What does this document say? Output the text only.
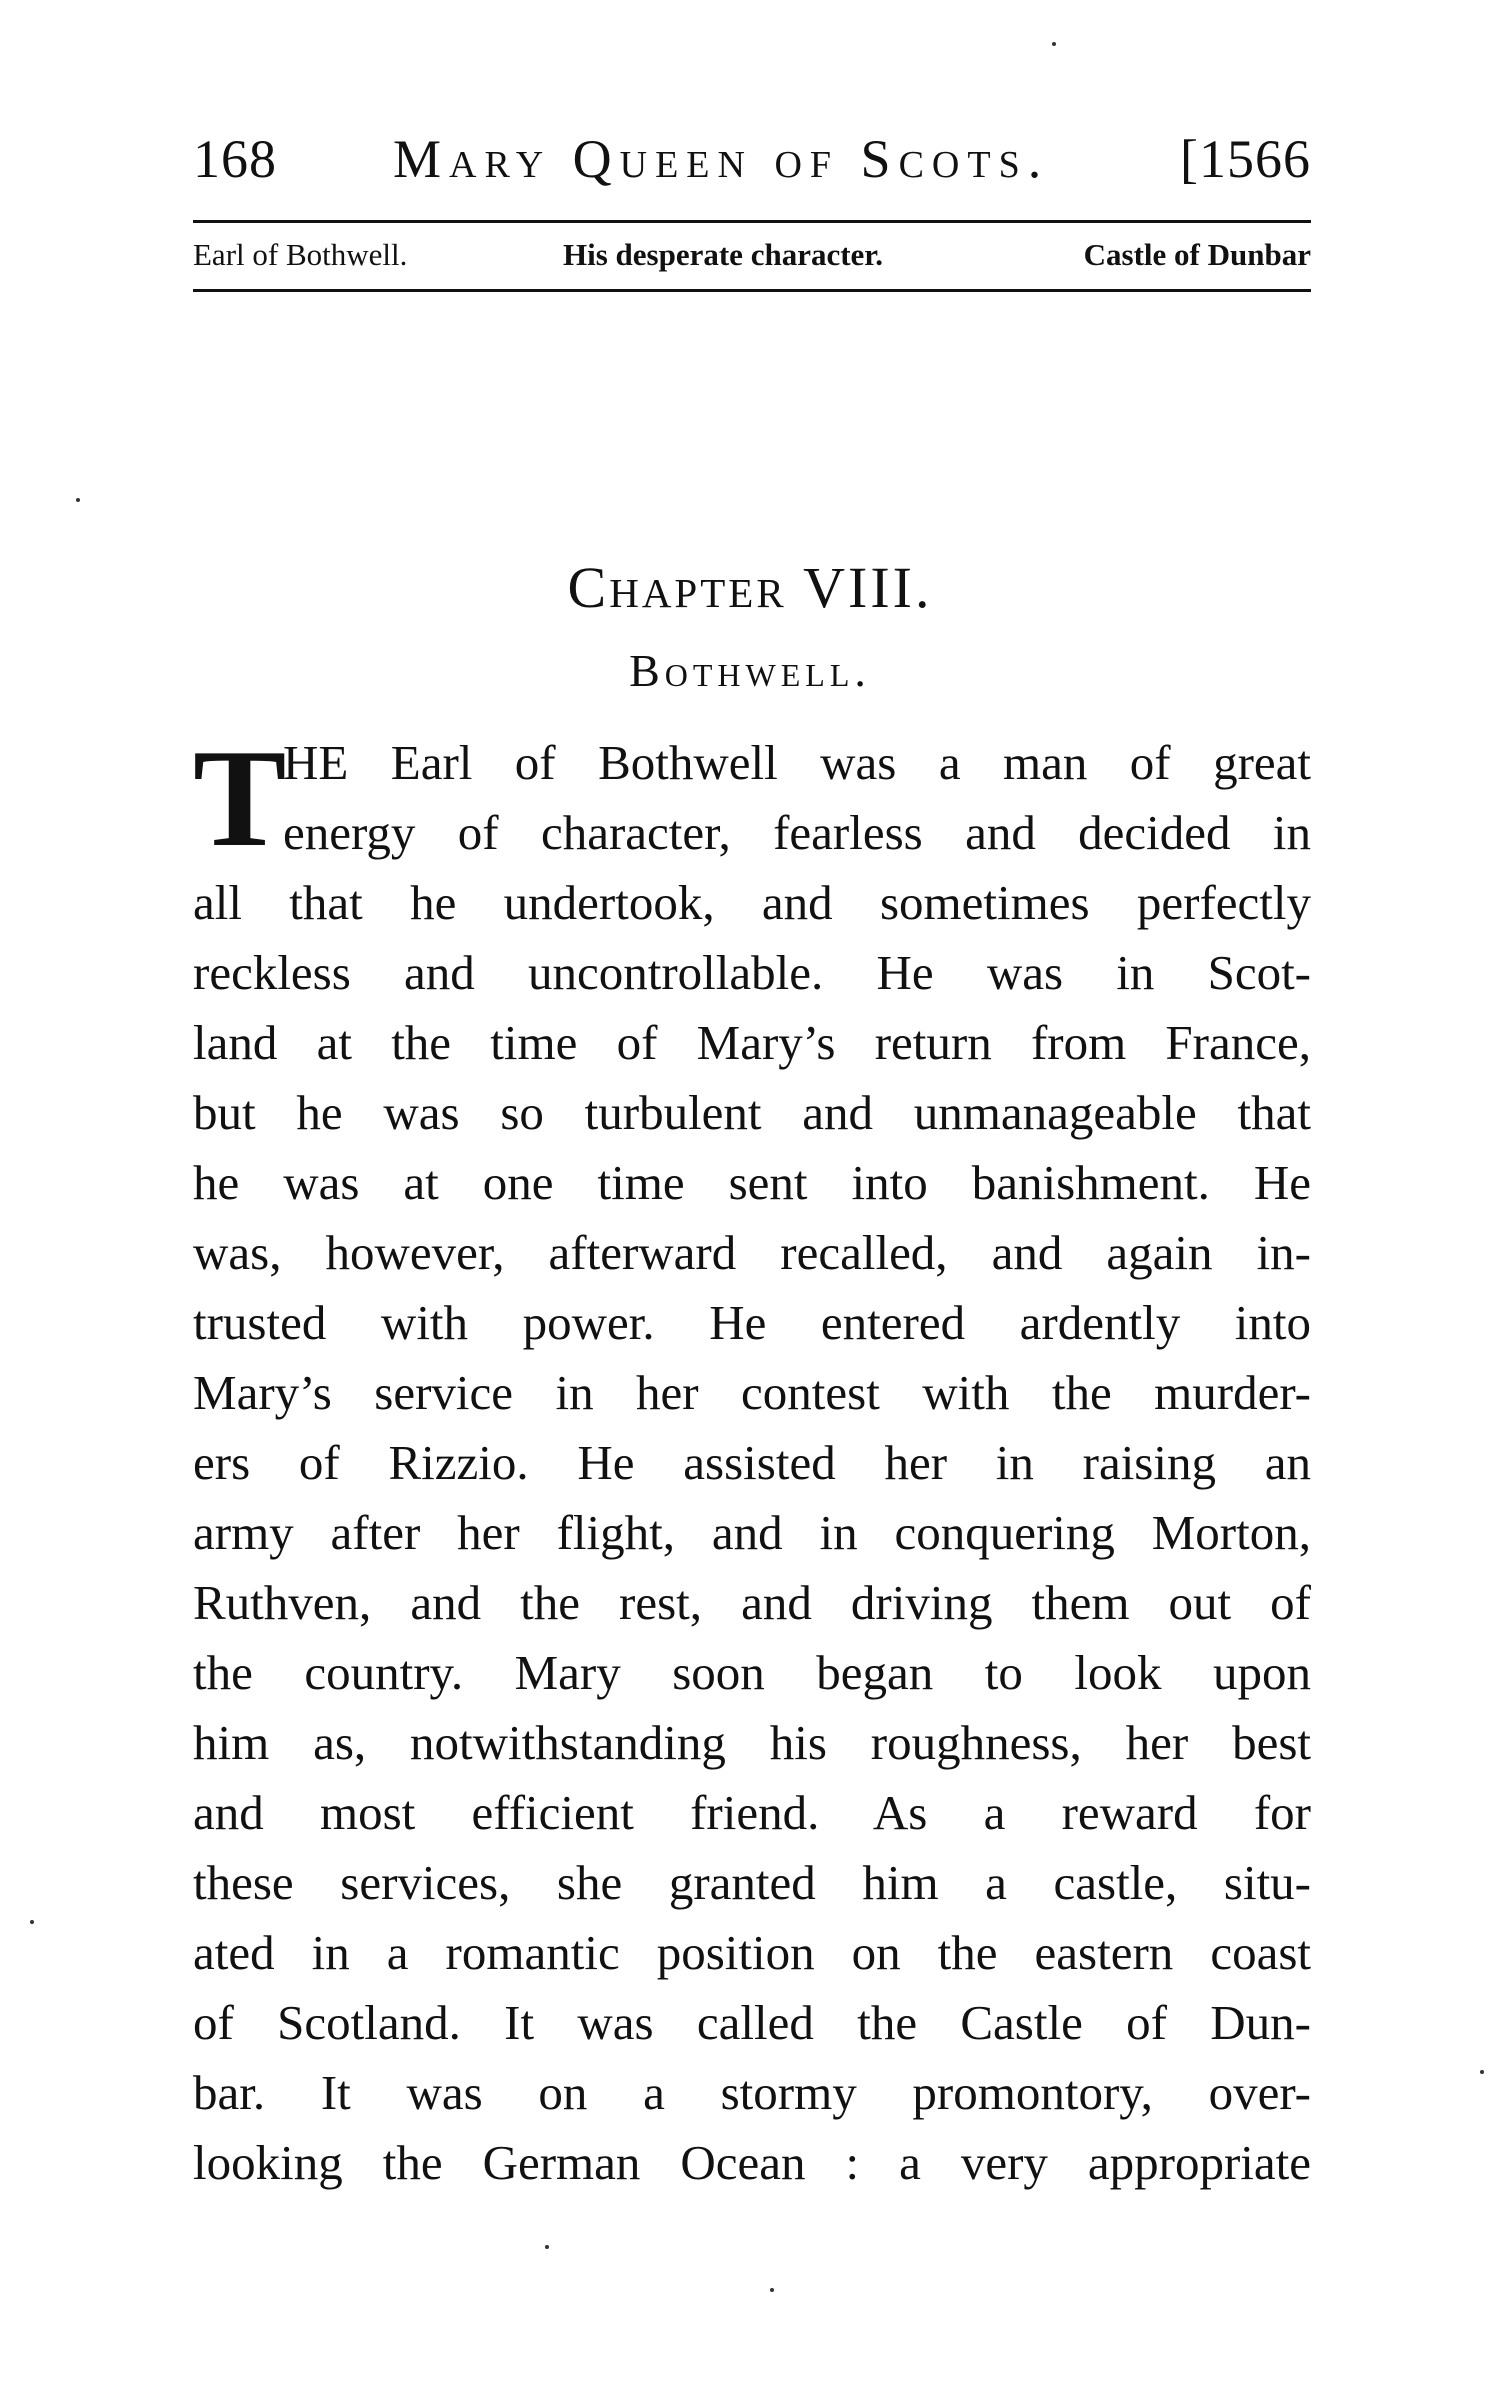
168 Mary Queen of Scots. [1566
Earl of Bothwell.	His desperate character.	Castle of Dunbar
Chapter VIII.
Bothwell.
T
HE Earl of Bothwell was a man of great
energy of character, fearless and decided in
all that he undertook, and sometimes perfectly
reckless and uncontrollable. He was in Scot-
land at the time of Mary’s return from France,
but he was so turbulent and unmanageable that
he was at one time sent into banishment. He
was, however, afterward recalled, and again in-
trusted with power. He entered ardently into
Mary’s service in her contest with the murder-
ers of Rizzio. He assisted her in raising an
army after her flight, and in conquering Morton,
Ruthven, and the rest, and driving them out of
the country. Mary soon began to look upon
him as, notwithstanding his roughness, her best
and most efficient friend. As a reward for
these services, she granted him a castle, situ-
ated in a romantic position on the eastern coast
of Scotland. It was called the Castle of Dun-
bar. It was on a stormy promontory, over-
looking the German Ocean : a very appropriate
